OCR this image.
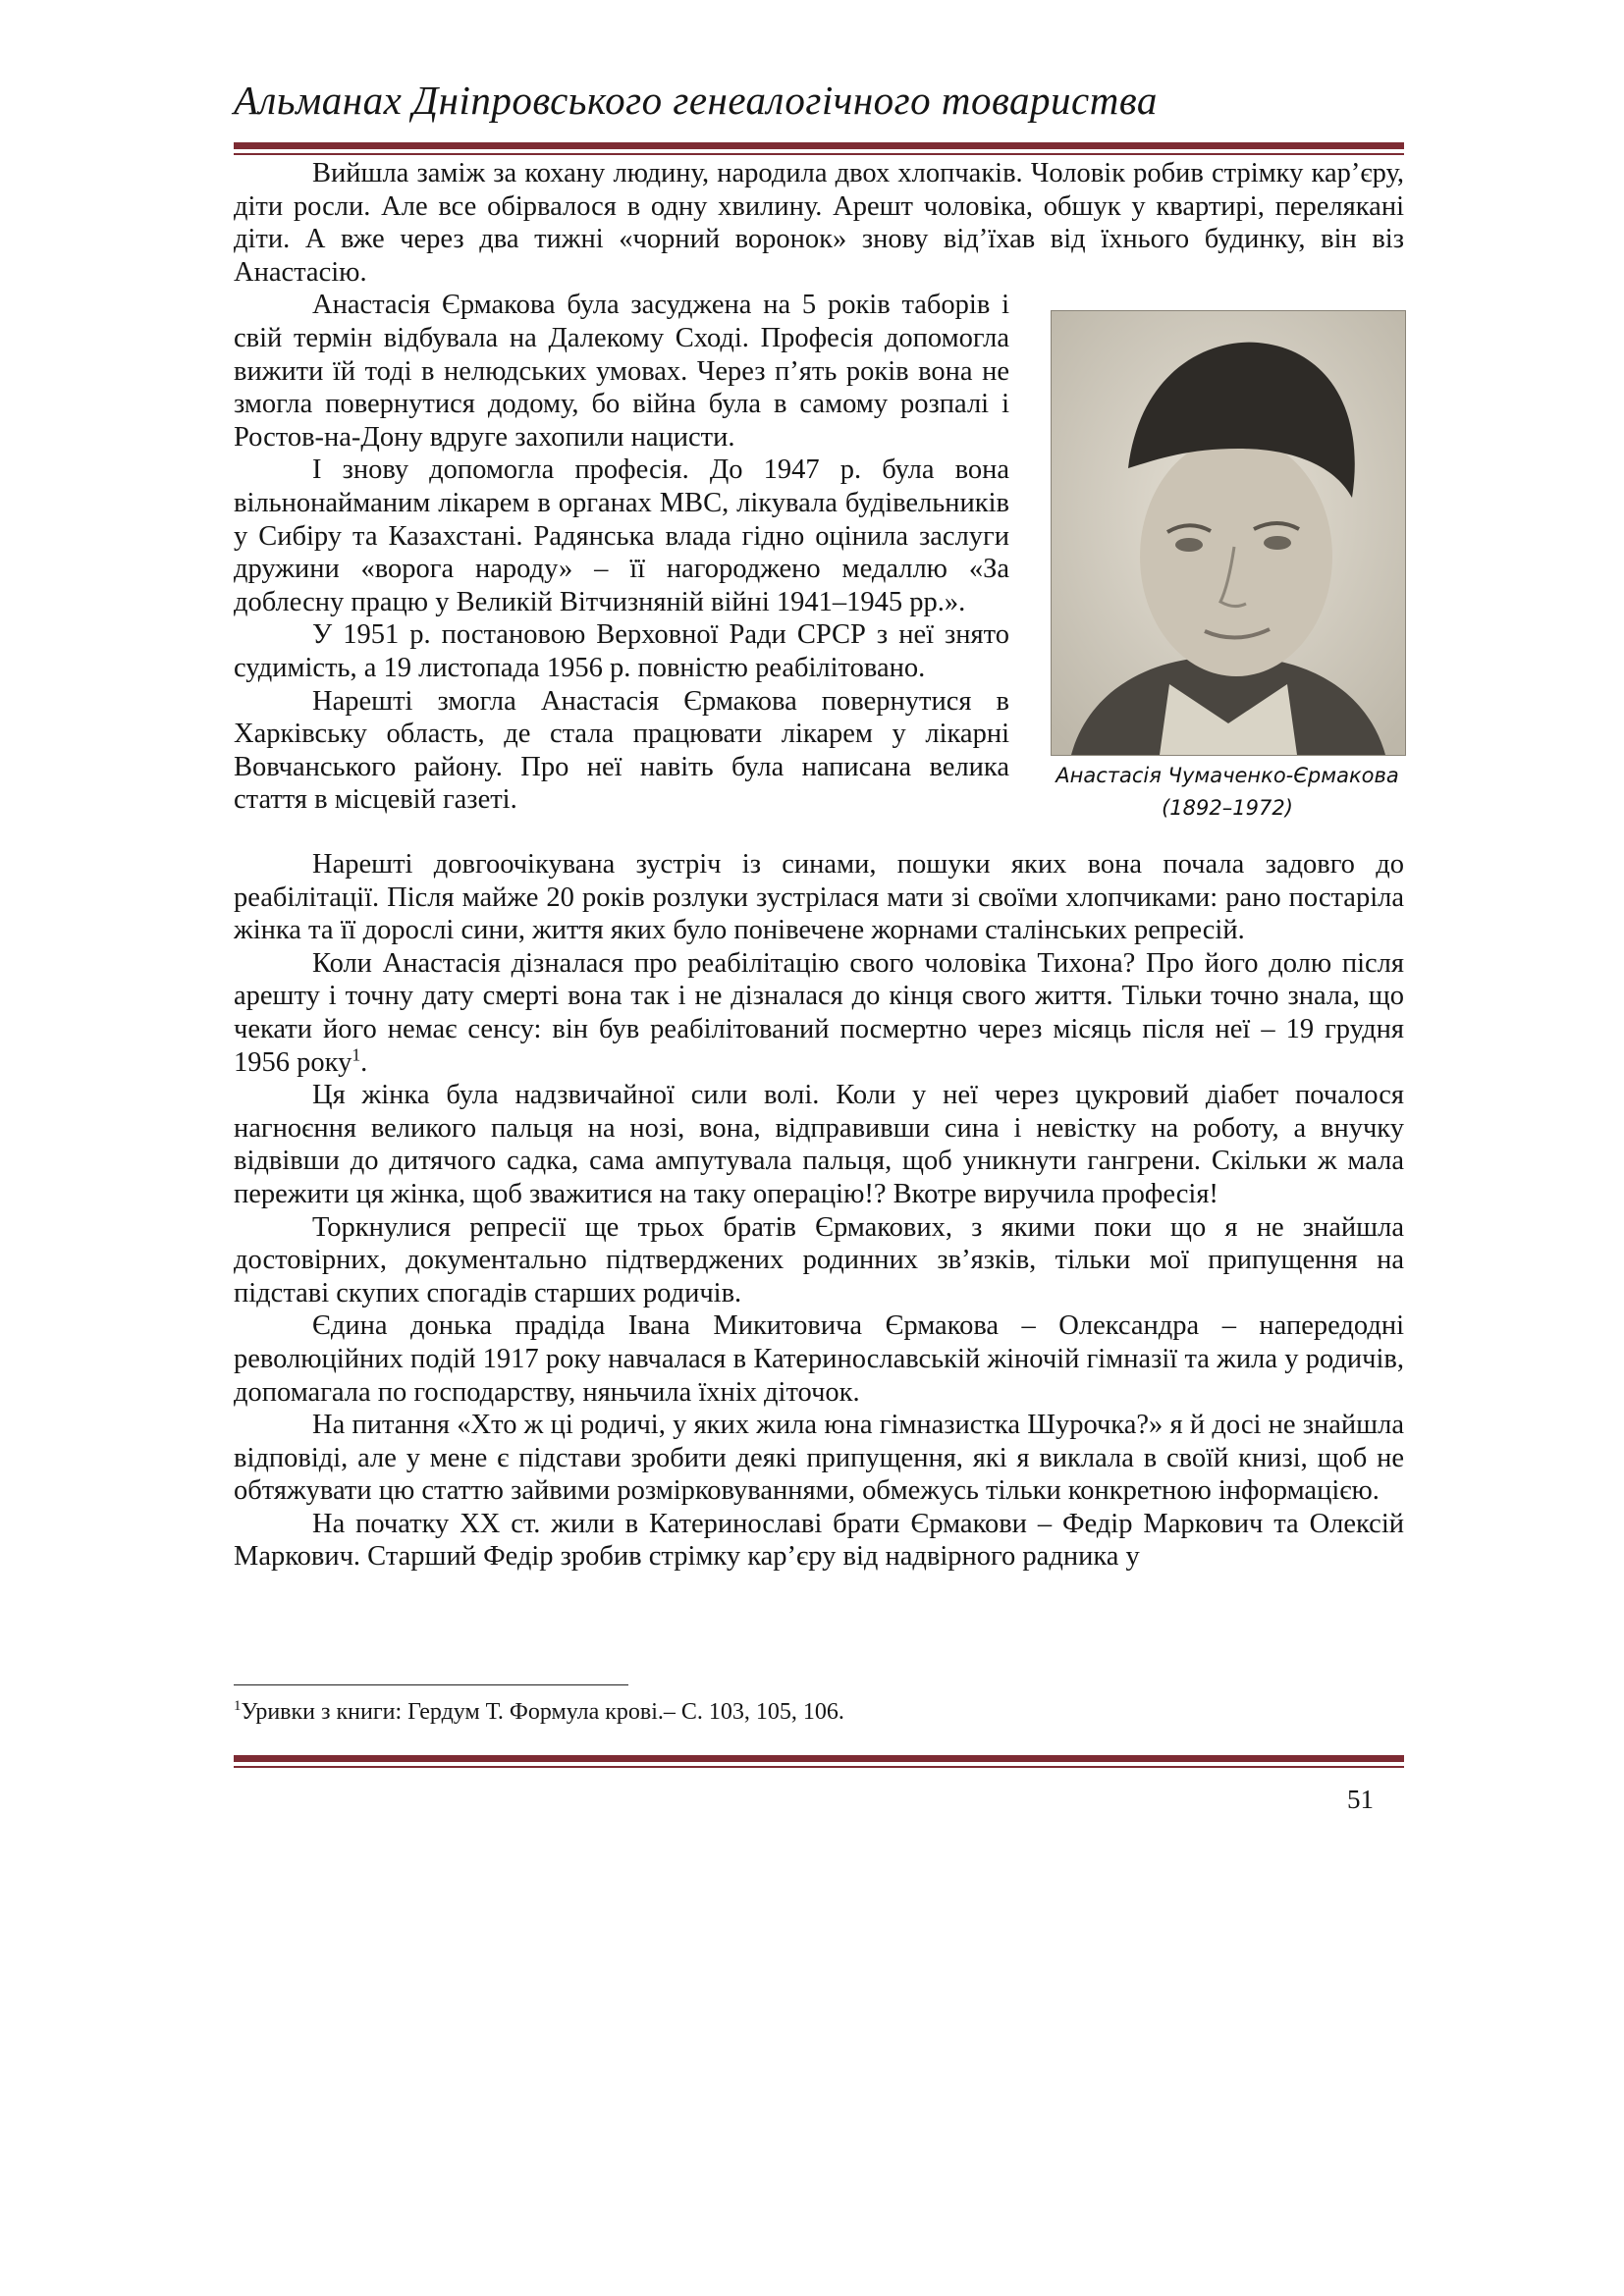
Альманах Дніпровського генеалогічного товариства

Вийшла заміж за кохану людину, народила двох хлопчаків. Чоловік робив стрімку кар’єру, діти росли. Але все обірвалося в одну хвилину. Арешт чоловіка, обшук у квартирі, перелякані діти. А вже через два тижні «чорний воронок» знову від’їхав від їхнього будинку, він віз Анастасію.

Анастасія Єрмакова була засуджена на 5 років таборів і свій термін відбувала на Далекому Сході. Професія допомогла вижити їй тоді в нелюдських умовах. Через п’ять років вона не змогла повернутися додому, бо війна була в самому розпалі і Ростов-на-Дону вдруге захопили нацисти.

І знову допомогла професія. До 1947 р. була вона вільнонайманим лікарем в органах МВС, лікувала будівельників у Сибіру та Казахстані. Радянська влада гідно оцінила заслуги дружини «ворога народу» – її нагороджено медаллю «За доблесну працю у Великій Вітчизняній війні 1941–1945 рр.».

У 1951 р. постановою Верховної Ради СРСР з неї знято судимість, а 19 листопада 1956 р. повністю реабілітовано.

Нарешті змогла Анастасія Єрмакова повернутися в Харківську область, де стала працювати лікарем у лікарні Вовчанського району. Про неї навіть була написана велика стаття в місцевій газеті.

Анастасія Чумаченко-Єрмакова
(1892–1972)

Нарешті довгоочікувана зустріч із синами, пошуки яких вона почала задовго до реабілітації. Після майже 20 років розлуки зустрілася мати зі своїми хлопчиками: рано постаріла жінка та її дорослі сини, життя яких було понівечене жорнами сталінських репресій.

Коли Анастасія дізналася про реабілітацію свого чоловіка Тихона? Про його долю після арешту і точну дату смерті вона так і не дізналася до кінця свого життя. Тільки точно знала, що чекати його немає сенсу: він був реабілітований посмертно через місяць після неї – 19 грудня 1956 року$^1$.

Ця жінка була надзвичайної сили волі. Коли у неї через цукровий діабет почалося нагноєння великого пальця на нозі, вона, відправивши сина і невістку на роботу, а внучку відвівши до дитячого садка, сама ампутувала пальця, щоб уникнути гангрени. Скільки ж мала пережити ця жінка, щоб зважитися на таку операцію!? Вкотре виручила професія!

Торкнулися репресії ще трьох братів Єрмакових, з якими поки що я не знайшла достовірних, документально підтверджених родинних зв’язків, тільки мої припущення на підставі скупих спогадів старших родичів.

Єдина донька прадіда Івана Микитовича Єрмакова – Олександра – напередодні революційних подій 1917 року навчалася в Катеринославській жіночій гімназії та жила у родичів, допомагала по господарству, няньчила їхніх діточок.

На питання «Хто ж ці родичі, у яких жила юна гімназистка Шурочка?» я й досі не знайшла відповіді, але у мене є підстави зробити деякі припущення, які я виклала в своїй книзі, щоб не обтяжувати цю статтю зайвими розмірковуваннями, обмежусь тільки конкретною інформацією.

На початку ХХ ст. жили в Катеринославі брати Єрмакови – Федір Маркович та Олексій Маркович. Старший Федір зробив стрімку кар’єру від надвірного радника у

$^1$Уривки з книги: Гердум Т. Формула крові.– С. 103, 105, 106.
51
